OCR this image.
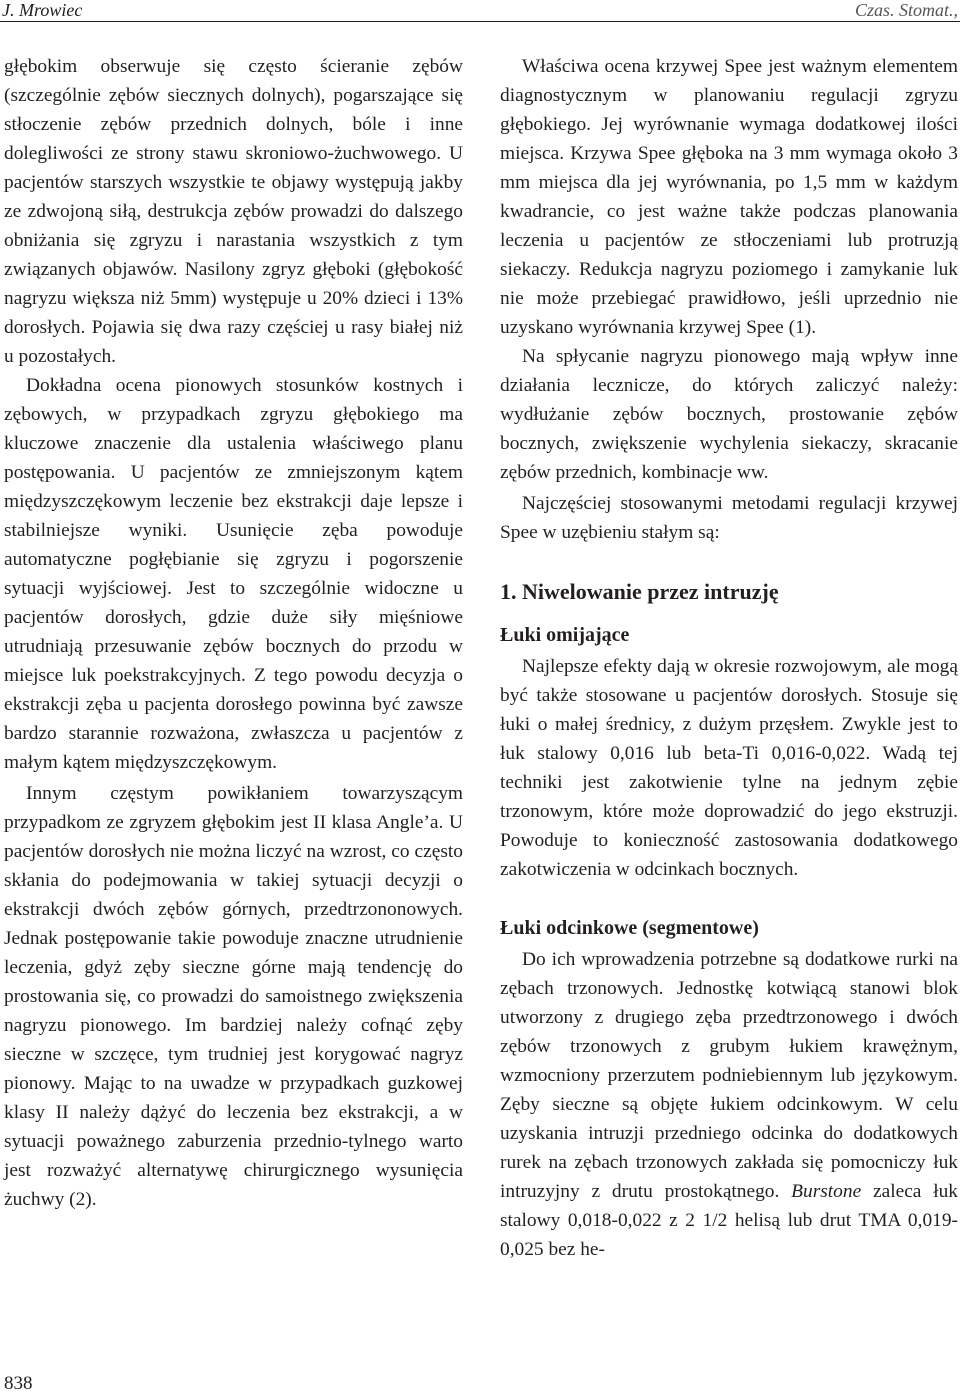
J. Mrowiec	Czas. Stomat.,

głębokim obserwuje się często ścieranie zębów (szczególnie zębów siecznych dolnych), pogarszające się stłoczenie zębów przednich dolnych, bóle i inne dolegliwości ze strony stawu skroniowo-żuchwowego. U pacjentów starszych wszystkie te objawy występują jakby ze zdwojoną siłą, destrukcja zębów prowadzi do dalszego obniżania się zgryzu i narastania wszystkich z tym związanych objawów. Nasilony zgryz głęboki (głębokość nagryzu większa niż 5mm) występuje u 20% dzieci i 13% dorosłych. Pojawia się dwa razy częściej u rasy białej niż u pozostałych.

Dokładna ocena pionowych stosunków kostnych i zębowych, w przypadkach zgryzu głębokiego ma kluczowe znaczenie dla ustalenia właściwego planu postępowania. U pacjentów ze zmniejszonym kątem międzyszczękowym leczenie bez ekstrakcji daje lepsze i stabilniejsze wyniki. Usunięcie zęba powoduje automatyczne pogłębianie się zgryzu i pogorszenie sytuacji wyjściowej. Jest to szczególnie widoczne u pacjentów dorosłych, gdzie duże siły mięśniowe utrudniają przesuwanie zębów bocznych do przodu w miejsce luk poekstrakcyjnych. Z tego powodu decyzja o ekstrakcji zęba u pacjenta dorosłego powinna być zawsze bardzo starannie rozważona, zwłaszcza u pacjentów z małym kątem międzyszczękowym.

Innym częstym powikłaniem towarzyszącym przypadkom ze zgryzem głębokim jest II klasa Angle’a. U pacjentów dorosłych nie można liczyć na wzrost, co często skłania do podejmowania w takiej sytuacji decyzji o ekstrakcji dwóch zębów górnych, przedtrzononowych. Jednak postępowanie takie powoduje znaczne utrudnienie leczenia, gdyż zęby sieczne górne mają tendencję do prostowania się, co prowadzi do samoistnego zwiększenia nagryzu pionowego. Im bardziej należy cofnąć zęby sieczne w szczęce, tym trudniej jest korygować nagryz pionowy. Mając to na uwadze w przypadkach guzkowej klasy II należy dążyć do leczenia bez ekstrakcji, a w sytuacji poważnego zaburzenia przednio-tylnego warto jest rozważyć alternatywę chirurgicznego wysunięcia żuchwy (2).

Właściwa ocena krzywej Spee jest ważnym elementem diagnostycznym w planowaniu regulacji zgryzu głębokiego. Jej wyrównanie wymaga dodatkowej ilości miejsca. Krzywa Spee głęboka na 3 mm wymaga około 3 mm miejsca dla jej wyrównania, po 1,5 mm w każdym kwadrancie, co jest ważne także podczas planowania leczenia u pacjentów ze stłoczeniami lub protruzją siekaczy. Redukcja nagryzu poziomego i zamykanie luk nie może przebiegać prawidłowo, jeśli uprzednio nie uzyskano wyrównania krzywej Spee (1).

Na spłycanie nagryzu pionowego mają wpływ inne działania lecznicze, do których zaliczyć należy: wydłużanie zębów bocznych, prostowanie zębów bocznych, zwiększenie wychylenia siekaczy, skracanie zębów przednich, kombinacje ww.

Najczęściej stosowanymi metodami regulacji krzywej Spee w uzębieniu stałym są:

1. Niwelowanie przez intruzję
Łuki omijające

Najlepsze efekty dają w okresie rozwojowym, ale mogą być także stosowane u pacjentów dorosłych. Stosuje się łuki o małej średnicy, z dużym przęsłem. Zwykle jest to łuk stalowy 0,016 lub beta-Ti 0,016-0,022. Wadą tej techniki jest zakotwienie tylne na jednym zębie trzonowym, które może doprowadzić do jego ekstruzji. Powoduje to konieczność zastosowania dodatkowego zakotwiczenia w odcinkach bocznych.

Łuki odcinkowe (segmentowe)

Do ich wprowadzenia potrzebne są dodatkowe rurki na zębach trzonowych. Jednostkę kotwiącą stanowi blok utworzony z drugiego zęba przedtrzonowego i dwóch zębów trzonowych z grubym łukiem krawężnym, wzmocniony przerzutem podniebiennym lub językowym. Zęby sieczne są objęte łukiem odcinkowym. W celu uzyskania intruzji przedniego odcinka do dodatkowych rurek na zębach trzonowych zakłada się pomocniczy łuk intruzyjny z drutu prostokątnego. Burstone zaleca łuk stalowy 0,018-0,022 z 2 1/2 helisą lub drut TMA 0,019-0,025 bez he-

838
